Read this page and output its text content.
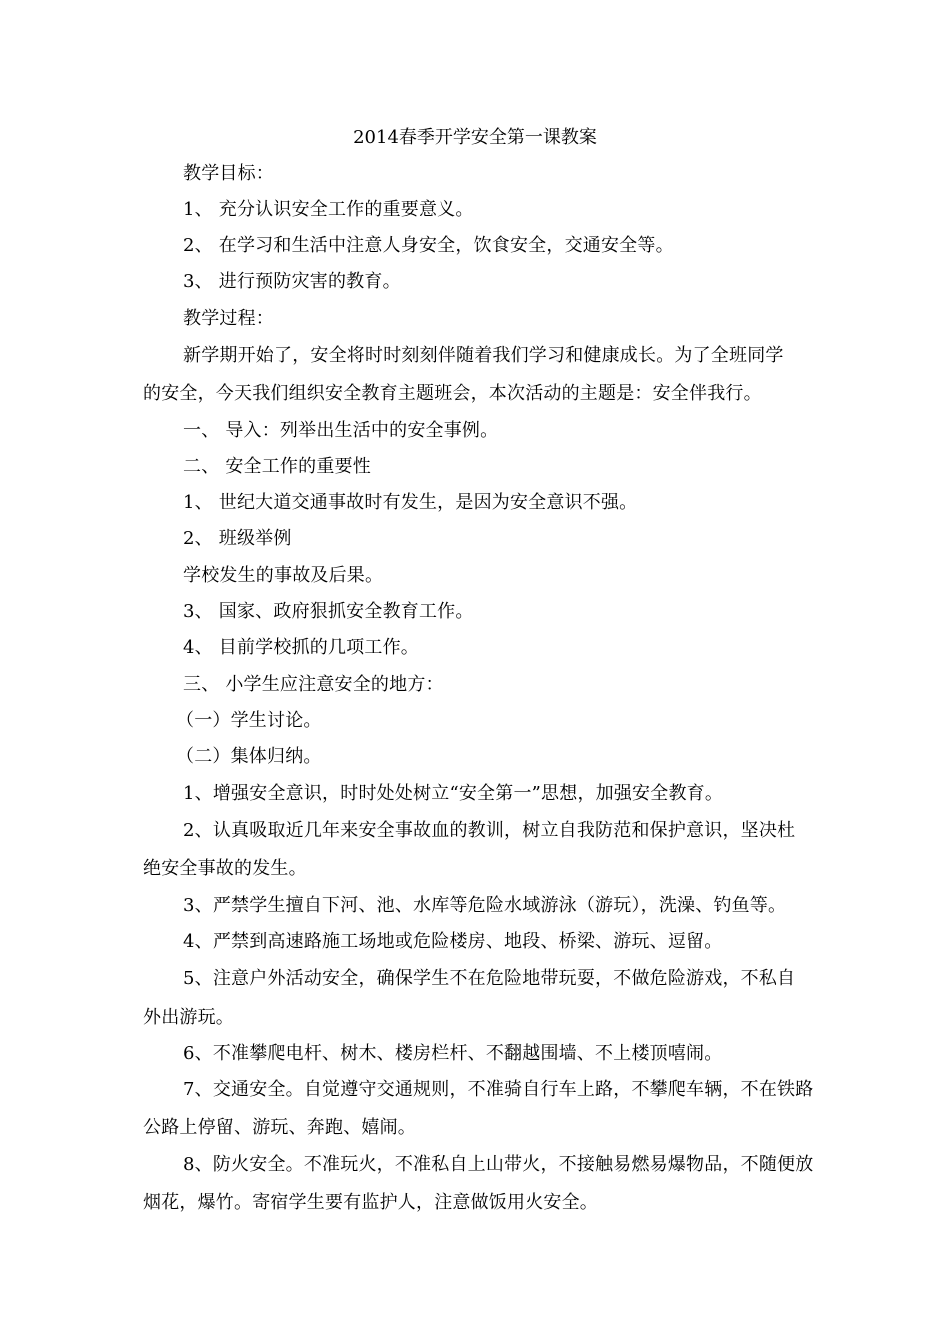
2014春季开学安全第一课教案
教学目标：
1、 充分认识安全工作的重要意义。
2、 在学习和生活中注意人身安全，饮食安全，交通安全等。
3、 进行预防灾害的教育。
教学过程：
新学期开始了，安全将时时刻刻伴随着我们学习和健康成长。为了全班同学
的安全，今天我们组织安全教育主题班会，本次活动的主题是：安全伴我行。
一、 导入：列举出生活中的安全事例。
二、 安全工作的重要性
1、 世纪大道交通事故时有发生，是因为安全意识不强。
2、 班级举例
学校发生的事故及后果。
3、 国家、政府狠抓安全教育工作。
4、 目前学校抓的几项工作。
三、 小学生应注意安全的地方：
（一）学生讨论。
（二）集体归纳。
1、增强安全意识，时时处处树立“安全第一”思想，加强安全教育。
2、认真吸取近几年来安全事故血的教训，树立自我防范和保护意识，坚决杜
绝安全事故的发生。
3、严禁学生擅自下河、池、水库等危险水域游泳（游玩），洗澡、钓鱼等。
4、严禁到高速路施工场地或危险楼房、地段、桥梁、游玩、逗留。
5、注意户外活动安全，确保学生不在危险地带玩耍，不做危险游戏，不私自
外出游玩。
6、不准攀爬电杆、树木、楼房栏杆、不翻越围墙、不上楼顶嘻闹。
7、交通安全。自觉遵守交通规则，不准骑自行车上路，不攀爬车辆，不在铁路
公路上停留、游玩、奔跑、嬉闹。
8、防火安全。不准玩火，不准私自上山带火，不接触易燃易爆物品，不随便放
烟花，爆竹。寄宿学生要有监护人，注意做饭用火安全。
